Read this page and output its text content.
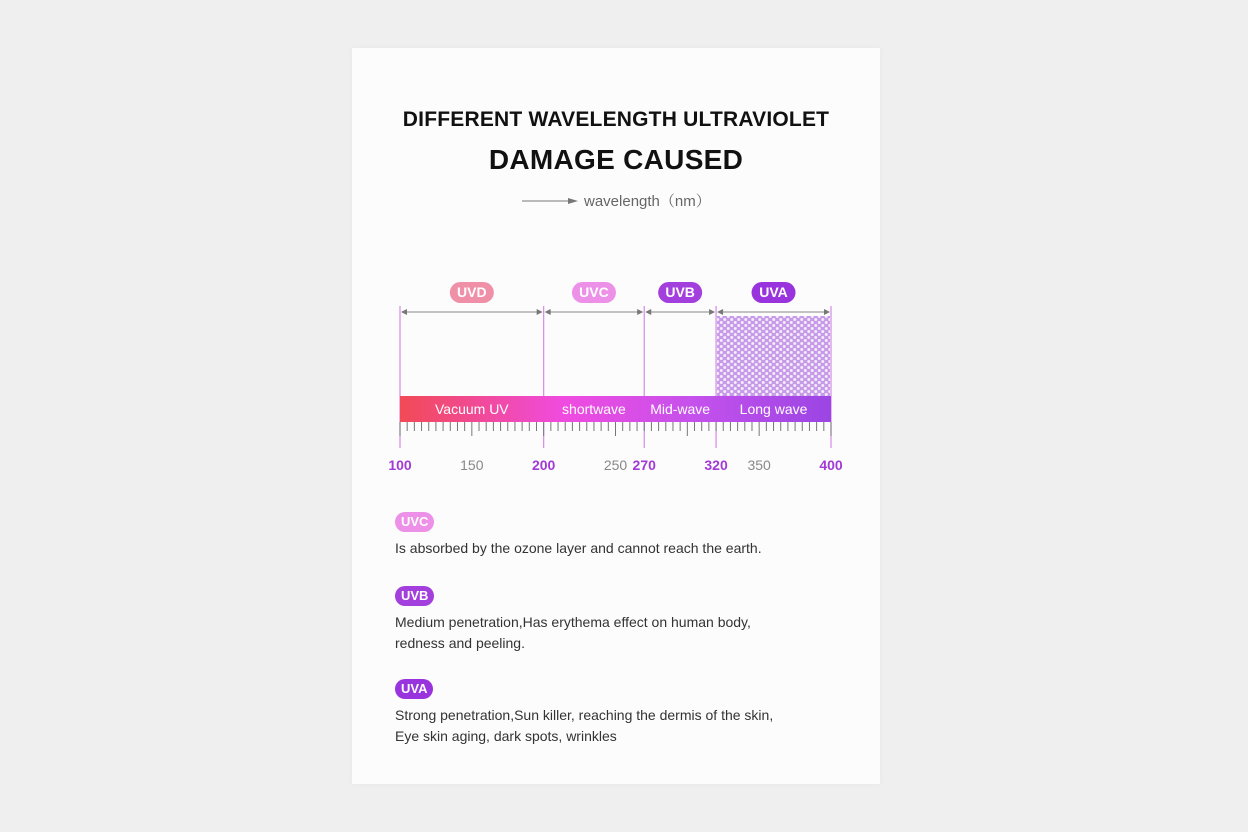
DIFFERENT WAVELENGTH ULTRAVIOLET
DAMAGE CAUSED
wavelength（nm）
UVD	UVC	UVB	UVA
Vacuum UV	shortwave Mid-wave Long wave
100	150	200	250 270	320 350	400
UVC
Is absorbed by the ozone layer and cannot reach the earth.
UVB
Medium penetration,Has erythema effect on human body,
redness and peeling.
UVA
Strong penetration,Sun killer, reaching the dermis of the skin,
Eye skin aging, dark spots, wrinkles
